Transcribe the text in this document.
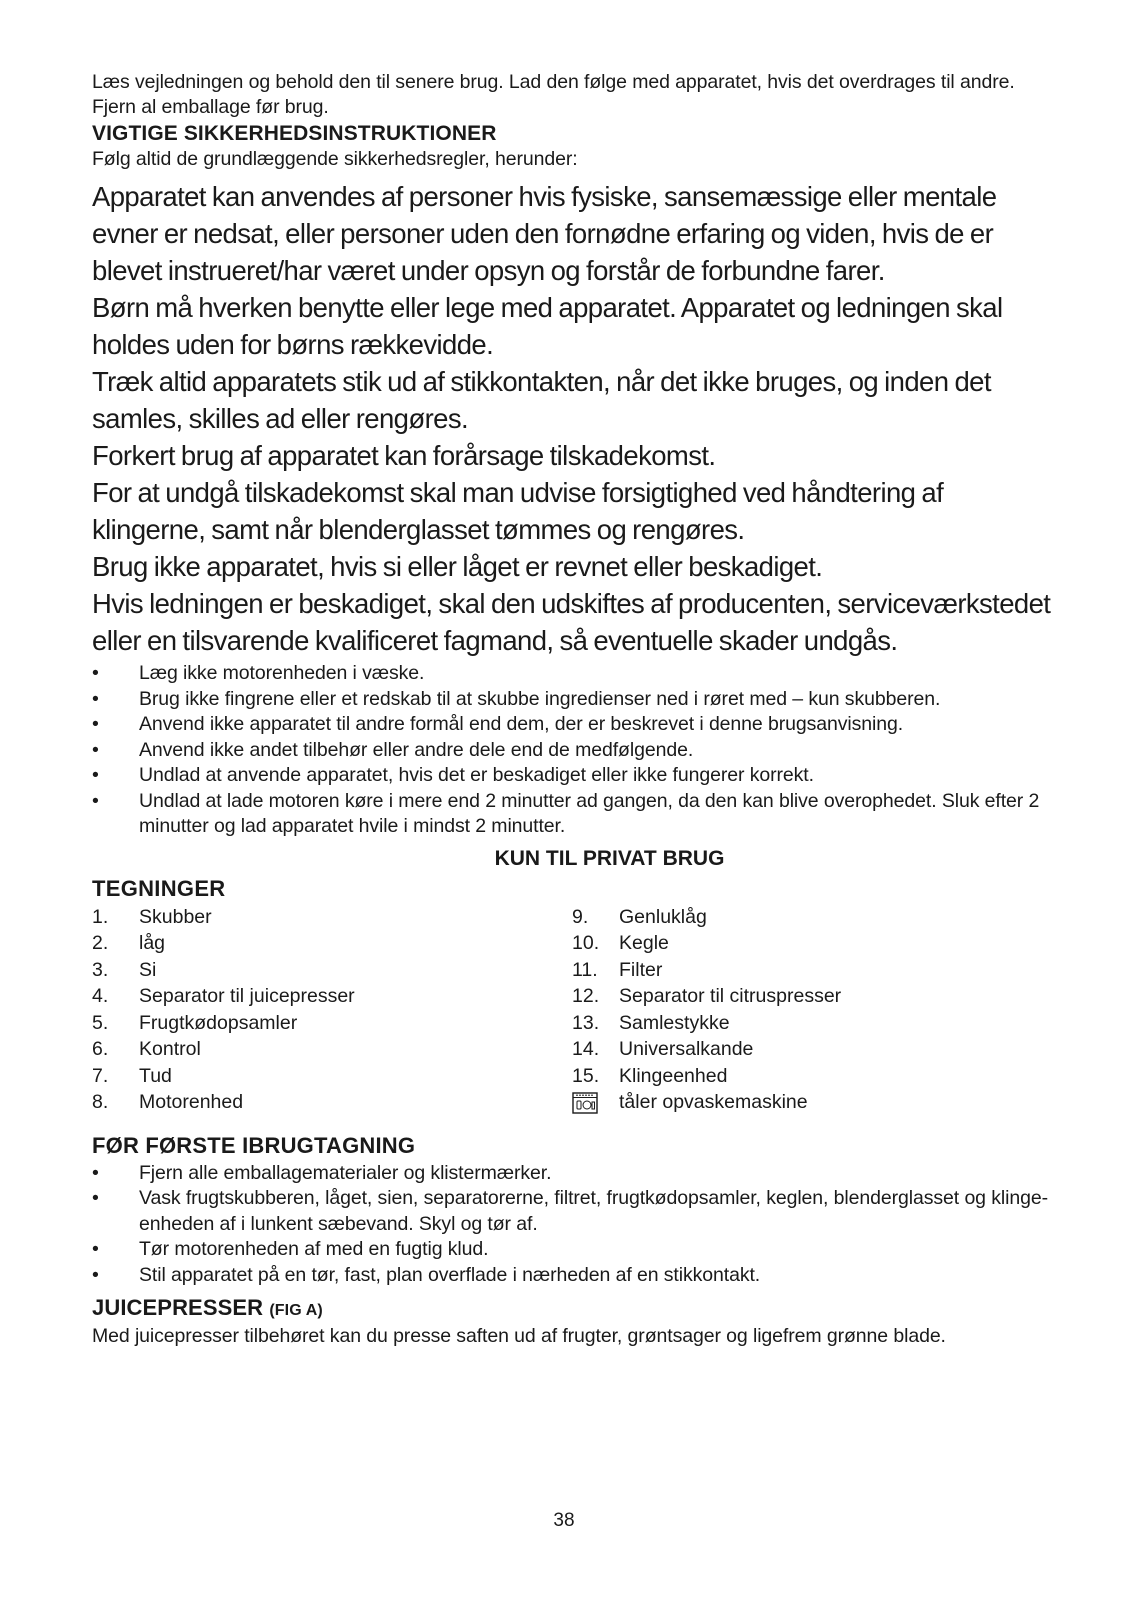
Læs vejledningen og behold den til senere brug. Lad den følge med apparatet, hvis det overdrages til andre. Fjern al emballage før brug.

VIGTIGE SIKKERHEDSINSTRUKTIONER

Følg altid de grundlæggende sikkerhedsregler, herunder:

Apparatet kan anvendes af personer hvis fysiske, sansemæssige eller mentale evner er nedsat, eller personer uden den fornødne erfaring og viden, hvis de er blevet instrueret/har været under opsyn og forstår de forbundne farer.

Børn må hverken benytte eller lege med apparatet. Apparatet og ledningen skal holdes uden for børns rækkevidde.

Træk altid apparatets stik ud af stikkontakten, når det ikke bruges, og inden det samles, skilles ad eller rengøres.

Forkert brug af apparatet kan forårsage tilskadekomst.

For at undgå tilskadekomst skal man udvise forsigtighed ved håndtering af klingerne, samt når blenderglasset tømmes og rengøres.

Brug ikke apparatet, hvis si eller låget er revnet eller beskadiget.

Hvis ledningen er beskadiget, skal den udskiftes af producenten, serviceværkstedet eller en tilsvarende kvalificeret fagmand, så eventuelle skader undgås.

•	Læg ikke motorenheden i væske.
•	Brug ikke fingrene eller et redskab til at skubbe ingredienser ned i røret med – kun skubberen.
•	Anvend ikke apparatet til andre formål end dem, der er beskrevet i denne brugsanvisning.
•	Anvend ikke andet tilbehør eller andre dele end de medfølgende.
•	Undlad at anvende apparatet, hvis det er beskadiget eller ikke fungerer korrekt.
•	Undlad at lade motoren køre i mere end 2 minutter ad gangen, da den kan blive overophedet. Sluk efter 2 minutter og lad apparatet hvile i mindst 2 minutter.

KUN TIL PRIVAT BRUG

TEGNINGER

1.	Skubber
2.	låg
3.	Si
4.	Separator til juicepresser
5.	Frugtkødopsamler
6.	Kontrol
7.	Tud
8.	Motorenhed
9.	Genluklåg
10.	Kegle
11.	Filter
12.	Separator til citruspresser
13.	Samlestykke
14.	Universalkande
15.	Klingeenhed
tåler opvaskemaskine

FØR FØRSTE IBRUGTAGNING

•	Fjern alle emballagematerialer og klistermærker.
•	Vask frugtskubberen, låget, sien, separatorerne, filtret, frugtkødopsamler, keglen, blenderglasset og klinge-enheden af i lunkent sæbevand. Skyl og tør af.
•	Tør motorenheden af med en fugtig klud.
•	Stil apparatet på en tør, fast, plan overflade i nærheden af en stikkontakt.

JUICEPRESSER (FIG A)

Med juicepresser tilbehøret kan du presse saften ud af frugter, grøntsager og ligefrem grønne blade.

38
